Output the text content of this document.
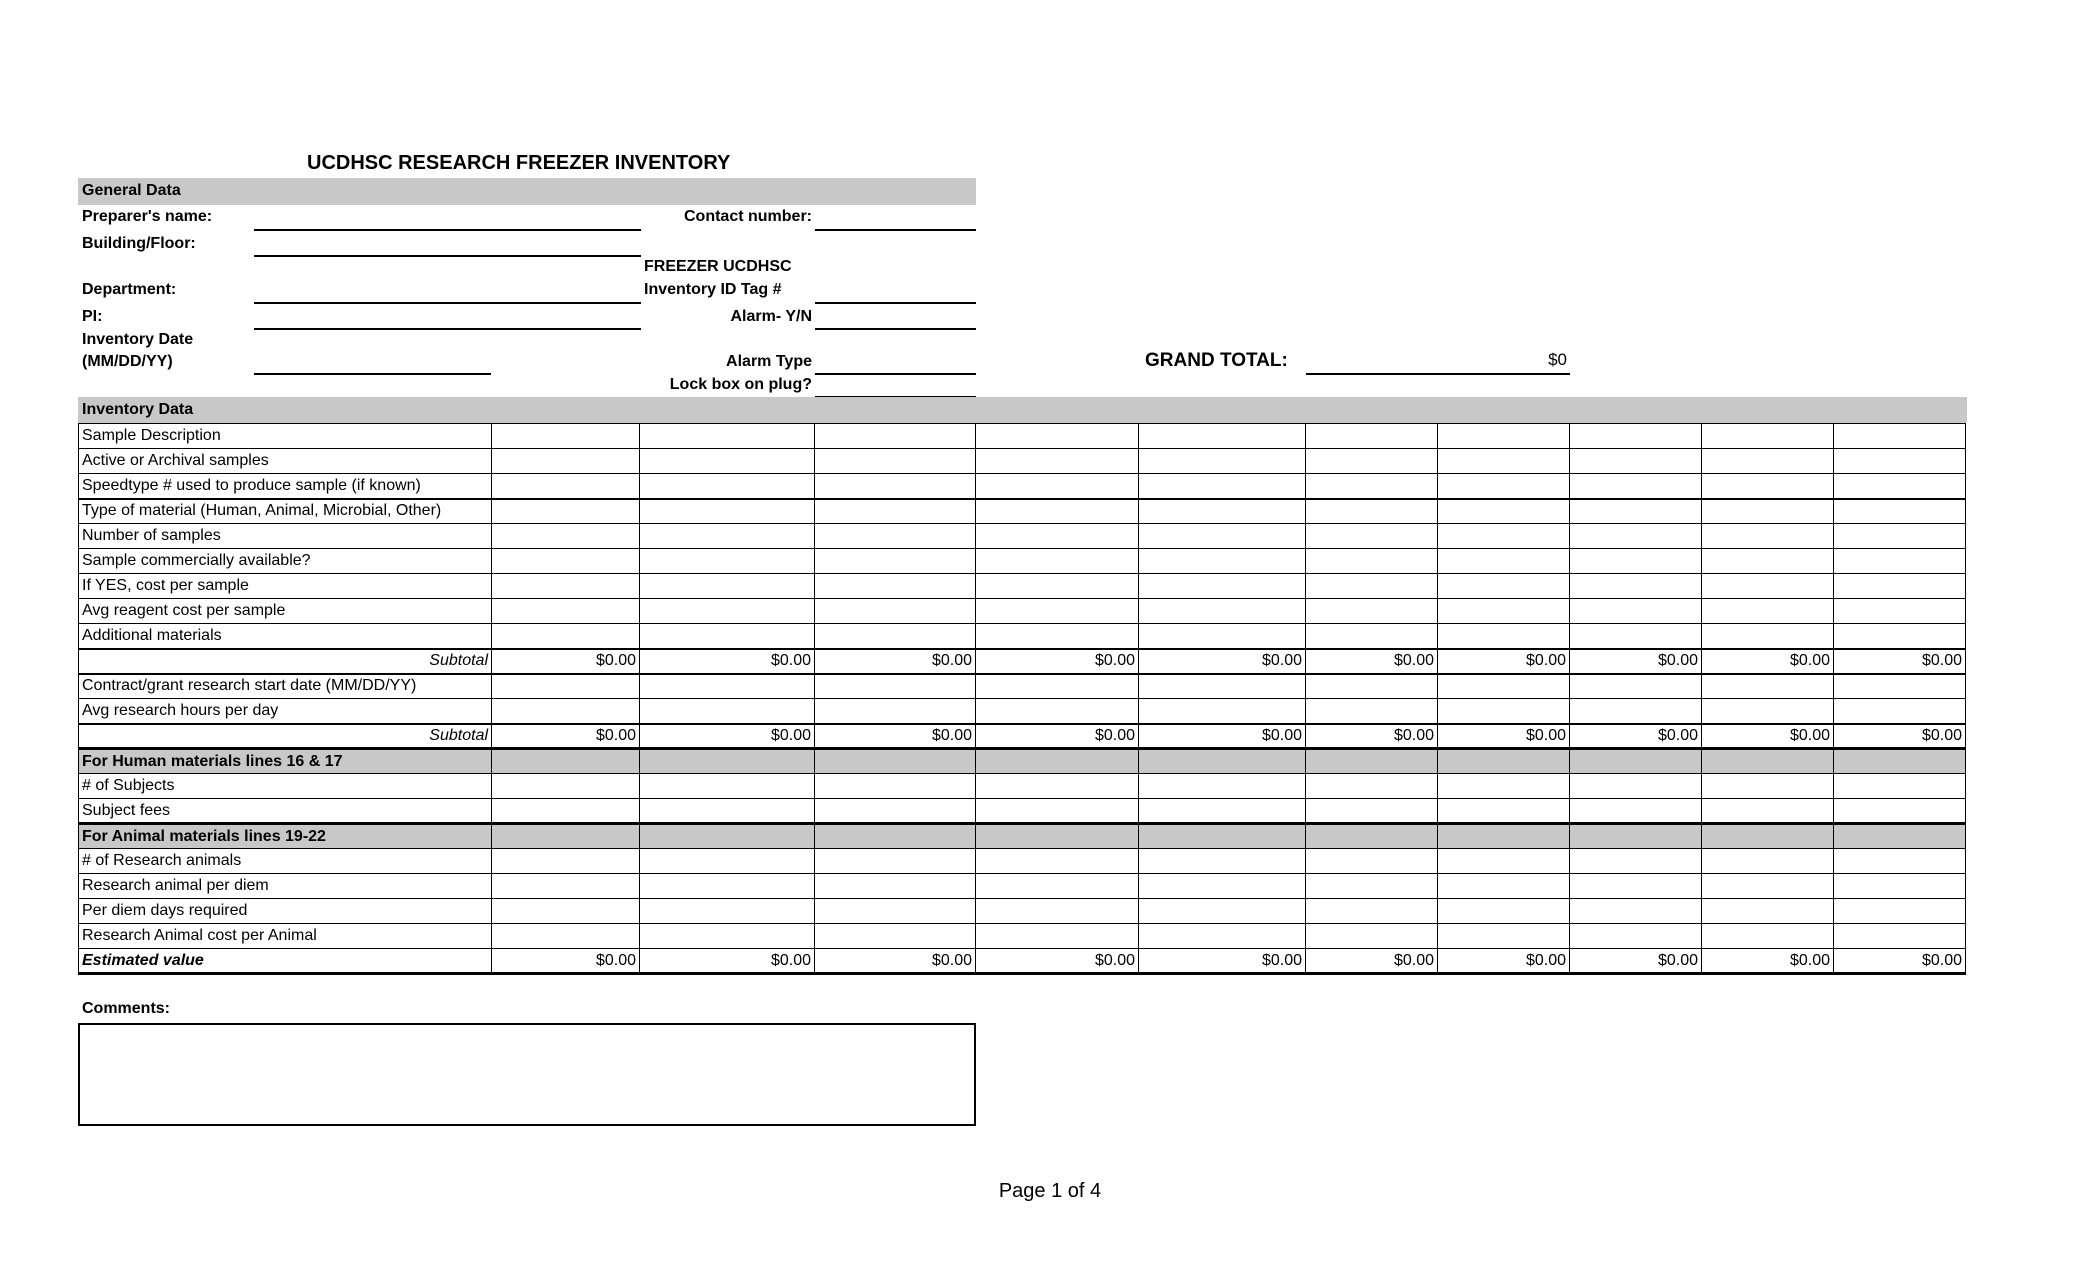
UCDHSC RESEARCH FREEZER INVENTORY
General Data
Preparer's name:	Contact number:
Building/Floor:
FREEZER UCDHSC
Inventory ID Tag #
Department:
PI:	Alarm- Y/N
Inventory Date
(MM/DD/YY)	Alarm Type	GRAND TOTAL:	$0
Lock box on plug?
Inventory Data
Sample Description										
Active or Archival samples										
Speedtype # used to produce sample (if known)										
Type of material (Human, Animal, Microbial, Other)										
Number of samples										
Sample commercially available?										
If YES, cost per sample										
Avg reagent cost per sample										
Additional materials										
Subtotal	$0.00	$0.00	$0.00	$0.00	$0.00	$0.00	$0.00	$0.00	$0.00	$0.00
Contract/grant research start date (MM/DD/YY)										
Avg research hours per day										
Subtotal	$0.00	$0.00	$0.00	$0.00	$0.00	$0.00	$0.00	$0.00	$0.00	$0.00
For Human materials lines 16 & 17										
# of Subjects										
Subject fees										
For Animal materials lines 19-22										
# of Research animals										
Research animal per diem										
Per diem days required										
Research Animal cost per Animal										
Estimated value	$0.00	$0.00	$0.00	$0.00	$0.00	$0.00	$0.00	$0.00	$0.00	$0.00
Comments:
Page 1 of 4
